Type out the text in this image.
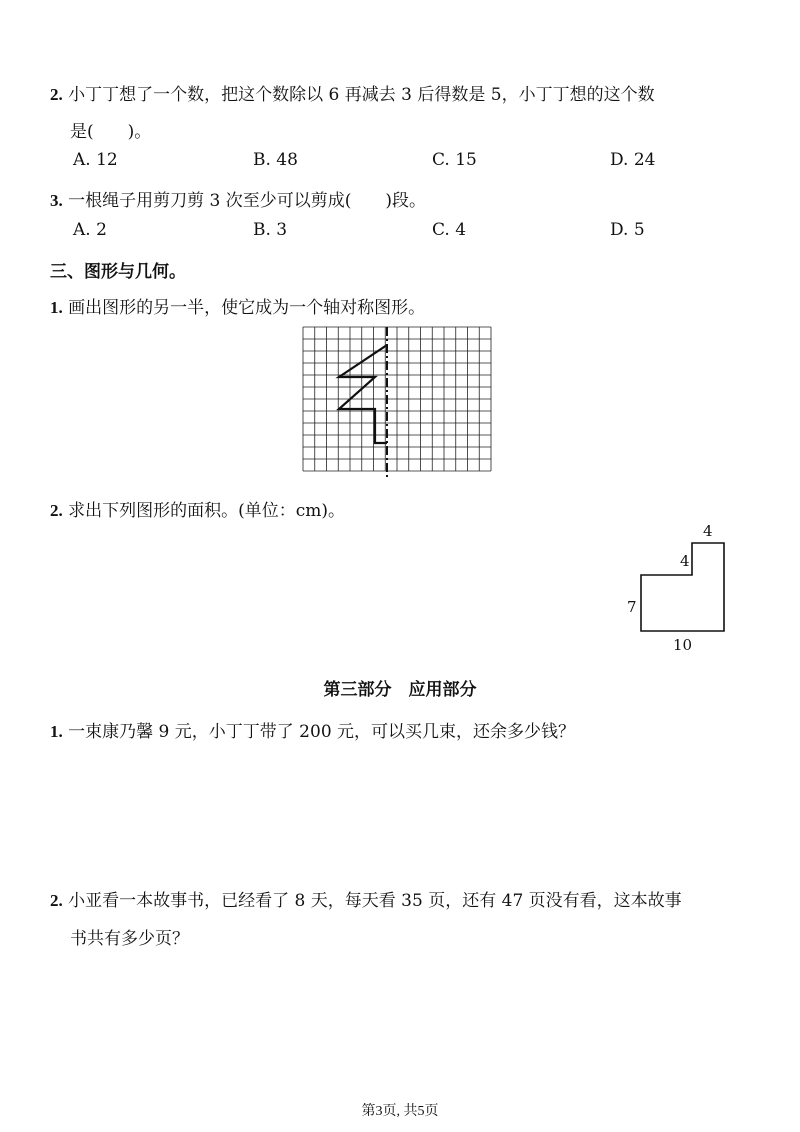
2. 小丁丁想了一个数，把这个数除以 6 再减去 3 后得数是 5，小丁丁想的这个数
是( )。
A. 12	B. 48	C. 15	D. 24
3. 一根绳子用剪刀剪 3 次至少可以剪成( )段。
A. 2	B. 3	C. 4	D. 5
三、图形与几何。
1. 画出图形的另一半，使它成为一个轴对称图形。
2. 求出下列图形的面积。(单位：cm)。
4
4
7
10
第三部分　应用部分
1. 一束康乃馨 9 元，小丁丁带了 200 元，可以买几束，还余多少钱？
2. 小亚看一本故事书，已经看了 8 天，每天看 35 页，还有 47 页没有看，这本故事
书共有多少页？
第3页, 共5页
